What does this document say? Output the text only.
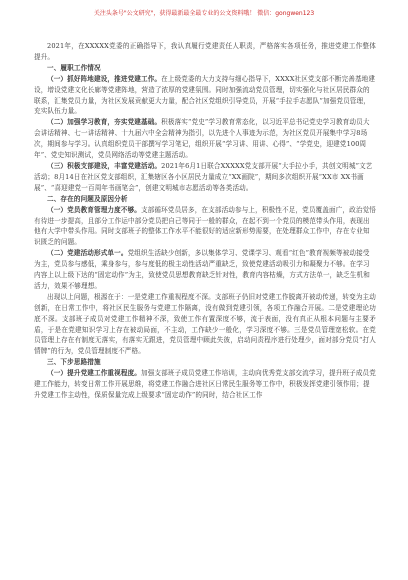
关注头条号"公文研究"，获得最新最全最专业的公文资料哦！ 微信：gongwen123

2021年，在XXXXX党委的正确指导下，我认真履行党建责任人职责，严格落实各项任务，推进党建工作整体提升。

一、履职工作情况

（一）抓好阵地建设，推进党建工作。在上级党委的大力支持与细心指导下，XXXX社区党支部不断完善基地建设，增设党建文化长廊等党建阵地，营造了浓厚的党建氛围。同时加强流动党员管理，切实强化与社区居民群众的联系，汇集党员力量，为社区发展贡献更大力量，配合社区党组织引导党员，开展“手拉手志愿队”加强党员管理，充实队伍力量。

（二）加强学习教育，夯实党建基础。积极落实“党史”学习教育常态化，以习近平总书记党史学习教育动员大会讲话精神、七一讲话精神、十九届六中全会精神为指引，以先进个人事迹为示范，为社区党员开展集中学习8场次，期间参与学习。认真组织党员干部撰写学习笔记，组织开展“学习讲、用讲、心得”、“学党史，迎建党100周年”、党史知识测试，党员网络活动等党建主题活动。

（三）积极支部建设，丰富党建活动。2021年6月1日联合XXXXX党支部开展“大手拉小手，共创文明城”文艺活动；8月14日在社区党支部组织，汇集辖区各小区居民力量成立“XX画院”，期间多次组织开展“XX市 XX书画展”、“喜迎建党一百周年书画笔会”，创建文明城市志愿活动等各类活动。

二、存在的问题及原因分析

（一）党员教育管理力度不够。支部循环党员居多，在支部活动参与上，积极性不足，党员覆盖面广，政治觉悟有待进一步提高，且部分工作运中部分党员把自己等同于一般的群众，在起不到一个党员的模范带头作用，表现出他有大学中带头作用。同时支部班子的整体工作水平不能很好的适应新形势需要，在处理群众工作中，存在专业知识匮乏的问题。

（二）党建活动形式单一。党组织生活缺少创新，多以集体学习、党课学习、观看“红色”教育视频等被动接受为主，党员参与感低，乘身参与，参与度低的极主动性活动严重缺乏，致使党建活动吸引力和凝聚力不够。在学习内容上以上级下达的“固定动作”为主，致使党员思想教育缺乏针对性，教育内容枯燥，方式方法单一，缺乏生机和活力，效果不够理想。

出现以上问题，根源在于：一是党建工作重视程度不深。支部班子仍旧对党建工作脱离开被动传递，转变为主动创新，在日常工作中，将社区民生服务与党建工作隔离，没有做到党建引领，各项工作融合开展。二是党建理论功底不深。支部班子成员对党建工作精神不深，致使工作有置深度不够，流于表面，没有真正从根本问题与主要矛盾，于是在党建知识学习上存在被动局面，不主动，工作缺少一般化，学习深度不够。三是党员管理宽松软。在党员管理上存在有制度无落实，有落实无跟进，党员管理中顾此失彼，启动问责程序进行处理少，面对部分党员“打人情牌”的行为，党员管理制度不严格。

三、下步思路措施

（一）提升党建工作重视程度。加强支部班子成员党建工作培训，主动向优秀党支部交流学习，提升班子成员党建工作能力，转变日常工作开展思维，将党建工作融合进社区日常民生服务等工作中，积极发挥党建引领作用；提升党建工作主动性，保质保量完成上级要求“固定动作”的同时，结合社区工作
